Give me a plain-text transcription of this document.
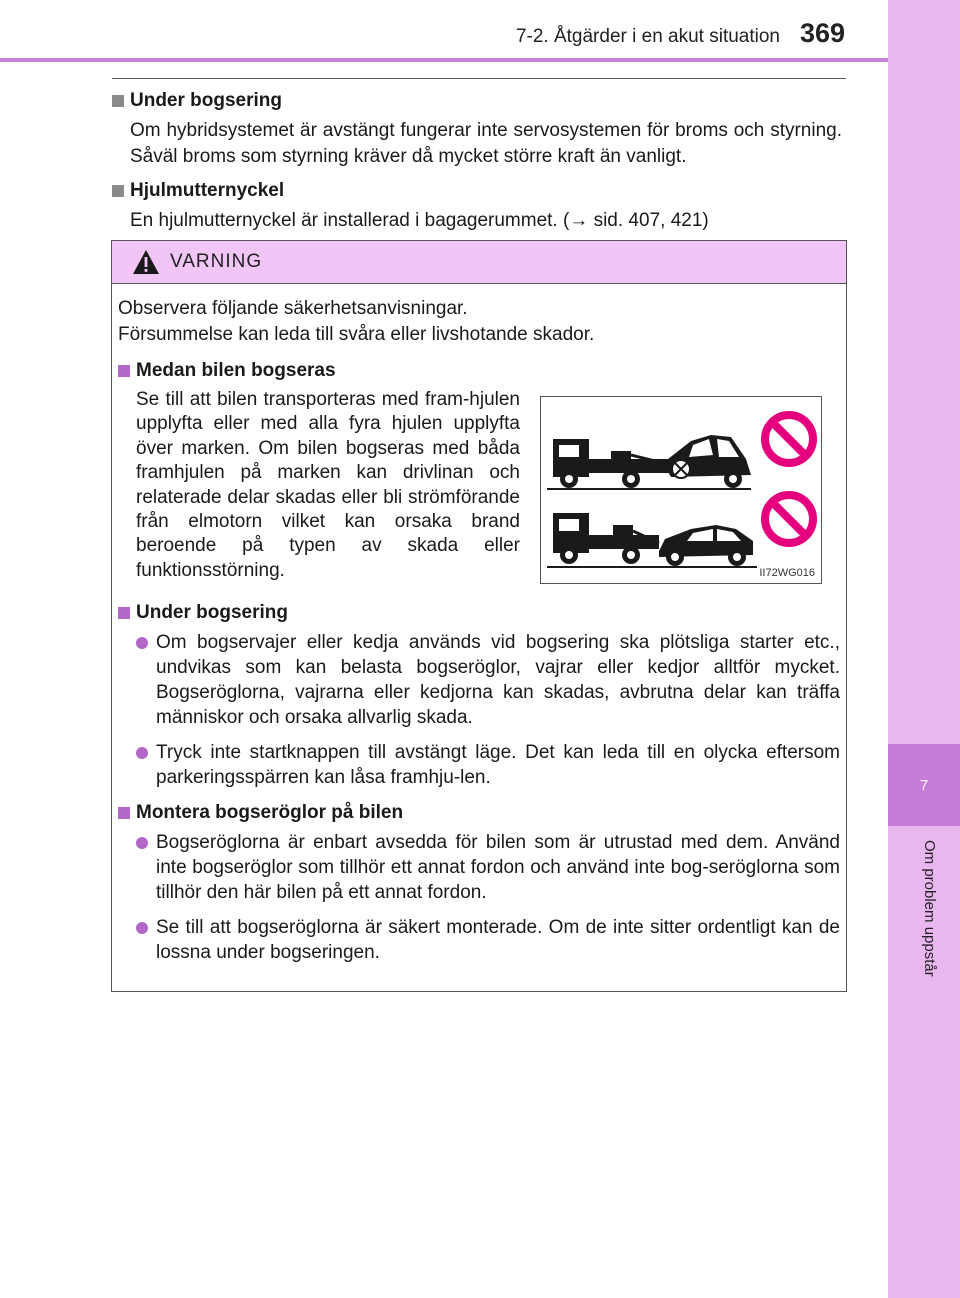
7
Om problem uppstår
7-2. Åtgärder i en akut situation 369
Under bogsering
Om hybridsystemet är avstängt fungerar inte servosystemen för broms och styrning. Såväl broms som styrning kräver då mycket större kraft än vanligt.
Hjulmutternyckel
En hjulmutternyckel är installerad i bagagerummet. (→ sid. 407, 421)
VARNING
Observera följande säkerhetsanvisningar.
Försummelse kan leda till svåra eller livshotande skador.
Medan bilen bogseras
Se till att bilen transporteras med fram-hjulen upplyfta eller med alla fyra hjulen upplyfta över marken. Om bilen bogseras med båda framhjulen på marken kan drivlinan och relaterade delar skadas eller bli strömförande från elmotorn vilket kan orsaka brand beroende på typen av skada eller funktionsstörning.	II72WG016
Under bogsering
Om bogservajer eller kedja används vid bogsering ska plötsliga starter etc., undvikas som kan belasta bogseröglor, vajrar eller kedjor alltför mycket. Bogseröglorna, vajrarna eller kedjorna kan skadas, avbrutna delar kan träffa människor och orsaka allvarlig skada.
Tryck inte startknappen till avstängt läge. Det kan leda till en olycka eftersom parkeringsspärren kan låsa framhju-len.
Montera bogseröglor på bilen
Bogseröglorna är enbart avsedda för bilen som är utrustad med dem. Använd inte bogseröglor som tillhör ett annat fordon och använd inte bog-seröglorna som tillhör den här bilen på ett annat fordon.
Se till att bogseröglorna är säkert monterade. Om de inte sitter ordentligt kan de lossna under bogseringen.
